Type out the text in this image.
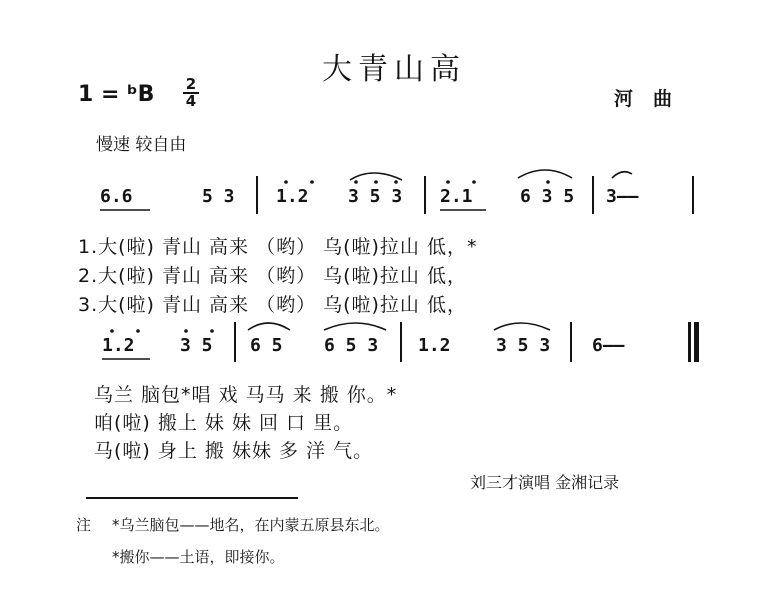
大青山高
1 = ᵇB 2
4	河曲
慢速 较自由
6.6	5 3 1.2 3 5 3 2.1	6 3 5 3——
1.大(啦) 青山 高来 （哟） 乌(啦)拉山 低，*
2.大(啦) 青山 高来 （哟） 乌(啦)拉山 低，
3.大(啦) 青山 高来 （哟） 乌(啦)拉山 低，
1.2	3 5 6 5 6 5 3 1.2	3 5 3 6——
乌兰 脑包*唱 戏 马马 来 搬 你。*
咱(啦) 搬上 妹 妹 回 口 里。
马(啦) 身上 搬 妹妹 多 洋 气。
刘三才演唱 金湘记录
注 *乌兰脑包——地名，在内蒙五原县东北。
*搬你——土语，即接你。
